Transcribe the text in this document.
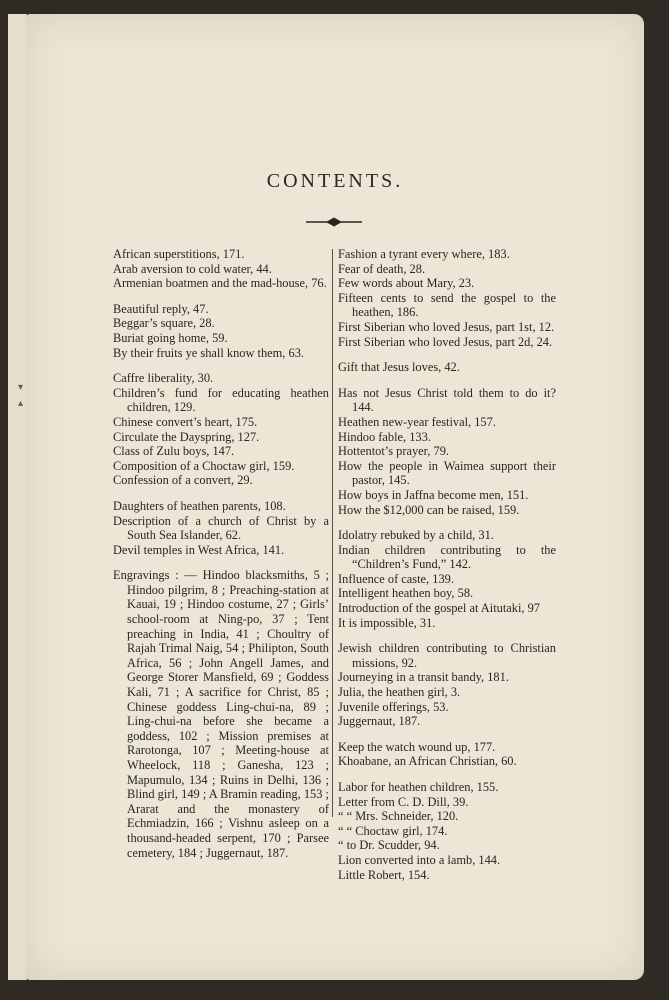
▾
▴
CONTENTS.
African superstitions, 171.
Arab aversion to cold water, 44.
Armenian boatmen and the mad-house, 76.
Beautiful reply, 47.
Beggar’s square, 28.
Buriat going home, 59.
By their fruits ye shall know them, 63.
Caffre liberality, 30.
Children’s fund for educating heathen children, 129.
Chinese convert’s heart, 175.
Circulate the Dayspring, 127.
Class of Zulu boys, 147.
Composition of a Choctaw girl, 159.
Confession of a convert, 29.
Daughters of heathen parents, 108.
Description of a church of Christ by a South Sea Islander, 62.
Devil temples in West Africa, 141.
Engravings : — Hindoo blacksmiths, 5 ; Hindoo pilgrim, 8 ; Preaching-station at Kauai, 19 ; Hindoo costume, 27 ; Girls’ school-room at Ning-po, 37 ; Tent preaching in India, 41 ; Choultry of Rajah Trimal Naig, 54 ; Philipton, South Africa, 56 ; John Angell James, and George Storer Mansfield, 69 ; Goddess Kali, 71 ; A sacrifice for Christ, 85 ; Chinese goddess Ling-chui-na, 89 ; Ling-chui-na before she became a goddess, 102 ; Mission premises at Rarotonga, 107 ; Meeting-house at Wheelock, 118 ; Ganesha, 123 ; Mapumulo, 134 ; Ruins in Delhi, 136 ; Blind girl, 149 ; A Bramin reading, 153 ; Ararat and the monastery of Echmiadzin, 166 ; Vishnu asleep on a thousand-headed serpent, 170 ; Parsee cemetery, 184 ; Juggernaut, 187.
Fashion a tyrant every where, 183.
Fear of death, 28.
Few words about Mary, 23.
Fifteen cents to send the gospel to the heathen, 186.
First Siberian who loved Jesus, part 1st, 12.
First Siberian who loved Jesus, part 2d, 24.
Gift that Jesus loves, 42.
Has not Jesus Christ told them to do it? 144.
Heathen new-year festival, 157.
Hindoo fable, 133.
Hottentot’s prayer, 79.
How the people in Waimea support their pastor, 145.
How boys in Jaffna become men, 151.
How the $12,000 can be raised, 159.
Idolatry rebuked by a child, 31.
Indian children contributing to the “Children’s Fund,” 142.
Influence of caste, 139.
Intelligent heathen boy, 58.
Introduction of the gospel at Aitutaki, 97
It is impossible, 31.
Jewish children contributing to Christian missions, 92.
Journeying in a transit bandy, 181.
Julia, the heathen girl, 3.
Juvenile offerings, 53.
Juggernaut, 187.
Keep the watch wound up, 177.
Khoabane, an African Christian, 60.
Labor for heathen children, 155.
Letter from C. D. Dill, 39.
“ “ Mrs. Schneider, 120.
“ “ Choctaw girl, 174.
“ to Dr. Scudder, 94.
Lion converted into a lamb, 144.
Little Robert, 154.
